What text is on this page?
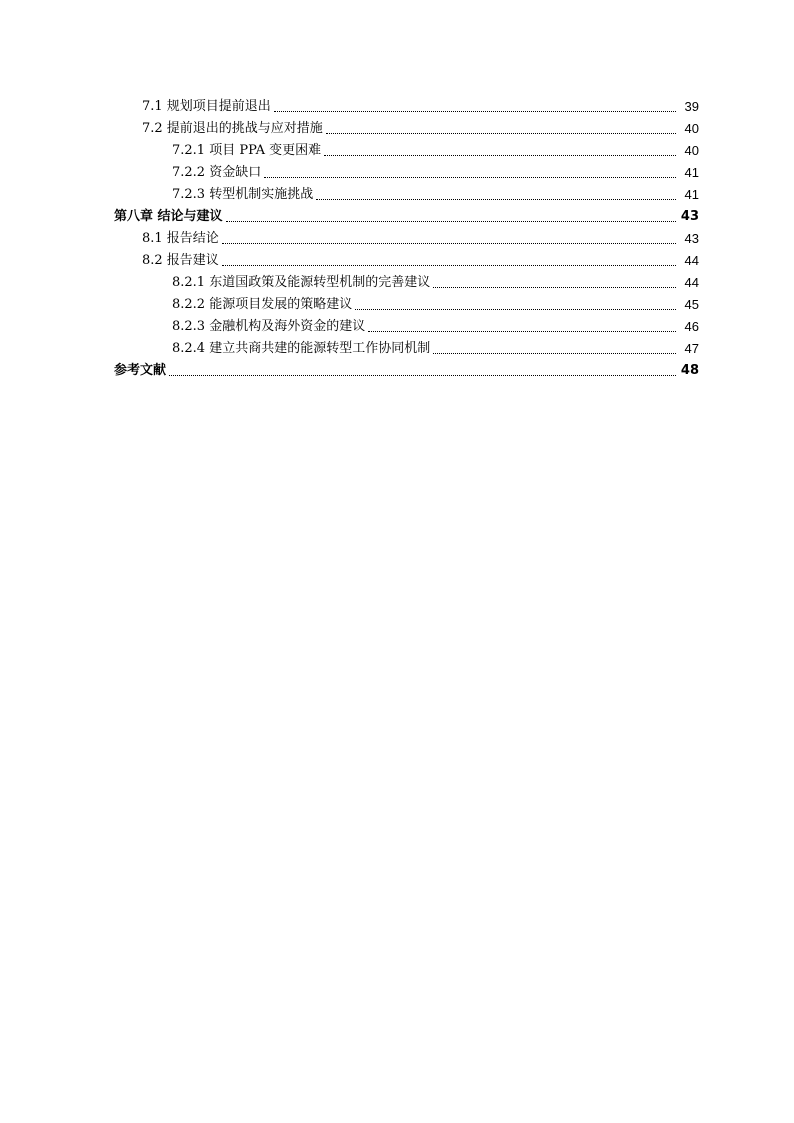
7.1 规划项目提前退出	39
7.2 提前退出的挑战与应对措施	40
7.2.1 项目 PPA 变更困难	40
7.2.2 资金缺口	41
7.2.3 转型机制实施挑战	41
第八章 结论与建议	43
8.1 报告结论	43
8.2 报告建议	44
8.2.1 东道国政策及能源转型机制的完善建议	44
8.2.2 能源项目发展的策略建议	45
8.2.3 金融机构及海外资金的建议	46
8.2.4 建立共商共建的能源转型工作协同机制	47
参考文献	48
